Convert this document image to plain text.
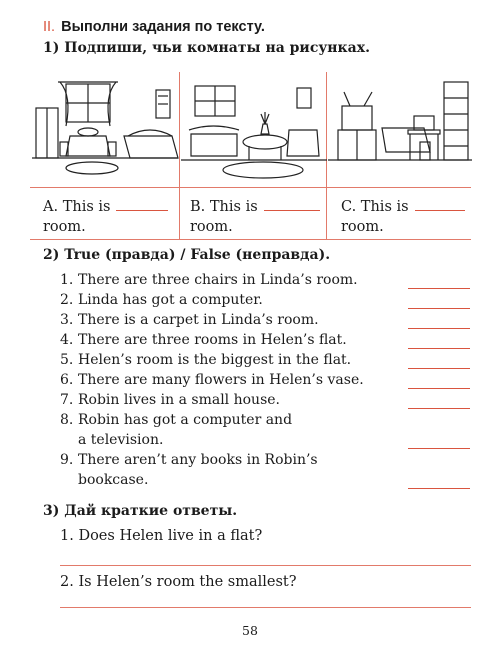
II. Выполни задания по тексту.
1) Подпиши, чьи комнаты на рисунках.
A. This is
room.
B. This is
room.
C. This is
room.
2) True (правда) / False (неправда).
1. There are three chairs in Linda’s room.
2. Linda has got a computer.
3. There is a carpet in Linda’s room.
4. There are three rooms in Helen’s flat.
5. Helen’s room is the biggest in the flat.
6. There are many flowers in Helen’s vase.
7. Robin lives in a small house.
8. Robin has got a computer and
a television.
9. There aren’t any books in Robin’s
bookcase.
3) Дай краткие ответы.
1. Does Helen live in a flat?
2. Is Helen’s room the smallest?
58
